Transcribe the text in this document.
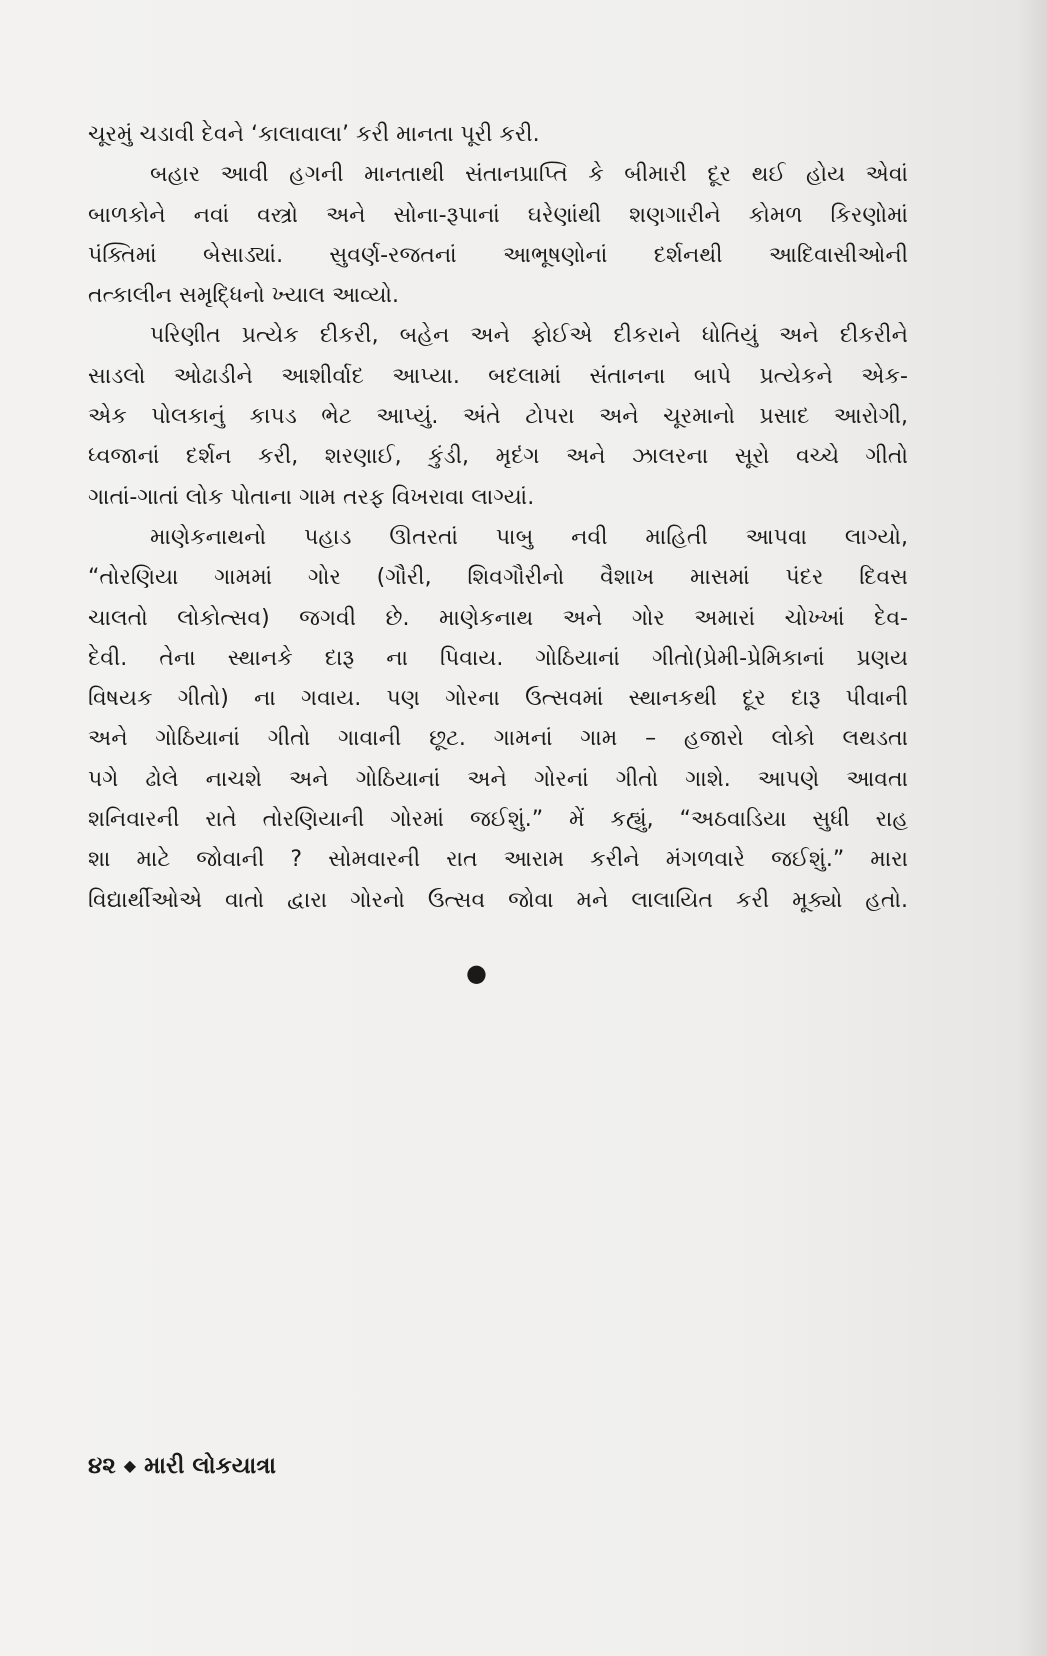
ચૂરમું ચડાવી દેવને ‘કાલાવાલા’ કરી માનતા પૂરી કરી.
બહાર આવી હગની માનતાથી સંતાનપ્રાપ્તિ કે બીમારી દૂર થઈ હોય એવાં
બાળકોને નવાં વસ્ત્રો અને સોના-રૂપાનાં ઘરેણાંથી શણગારીને કોમળ કિરણોમાં
પંક્તિમાં બેસાડ્યાં. સુવર્ણ-રજતનાં આભૂષણોનાં દર્શનથી આદિવાસીઓની
તત્કાલીન સમૃદ્ધિનો ખ્યાલ આવ્યો.
પરિણીત પ્રત્યેક દીકરી, બહેન અને ફોઈએ દીકરાને ધોતિયું અને દીકરીને
સાડલો ઓઢાડીને આશીર્વાદ આપ્યા. બદલામાં સંતાનના બાપે પ્રત્યેકને એક-
એક પોલકાનું કાપડ ભેટ આપ્યું. અંતે ટોપરા અને ચૂરમાનો પ્રસાદ આરોગી,
ધ્વજાનાં દર્શન કરી, શરણાઈ, કુંડી, મૃદંગ અને ઝાલરના સૂરો વચ્ચે ગીતો
ગાતાં-ગાતાં લોક પોતાના ગામ તરફ વિખરાવા લાગ્યાં.
માણેકનાથનો પહાડ ઊતરતાં પાબુ નવી માહિતી આપવા લાગ્યો,
“તોરણિયા ગામમાં ગોર (ગૌરી, શિવગૌરીનો વૈશાખ માસમાં પંદર દિવસ
ચાલતો લોકોત્સવ) જગવી છે. માણેકનાથ અને ગોર અમારાં ચોખ્ખાં દેવ-
દેવી. તેના સ્થાનકે દારૂ ના પિવાય. ગોઠિયાનાં ગીતો(પ્રેમી-પ્રેમિકાનાં પ્રણય
વિષયક ગીતો) ના ગવાય. પણ ગોરના ઉત્સવમાં સ્થાનકથી દૂર દારૂ પીવાની
અને ગોઠિયાનાં ગીતો ગાવાની છૂટ. ગામનાં ગામ – હજારો લોકો લથડતા
પગે ઢોલે નાચશે અને ગોઠિયાનાં અને ગોરનાં ગીતો ગાશે. આપણે આવતા
શનિવારની રાતે તોરણિયાની ગોરમાં જઈશું.” મેં કહ્યું, “અઠવાડિયા સુધી રાહ
શા માટે જોવાની ? સોમવારની રાત આરામ કરીને મંગળવારે જઈશું.” મારા
વિદ્યાર્થીઓએ વાતો દ્વારા ગોરનો ઉત્સવ જોવા મને લાલાયિત કરી મૂક્યો હતો.
●
૪૨ ◆ મારી લોકયાત્રા
